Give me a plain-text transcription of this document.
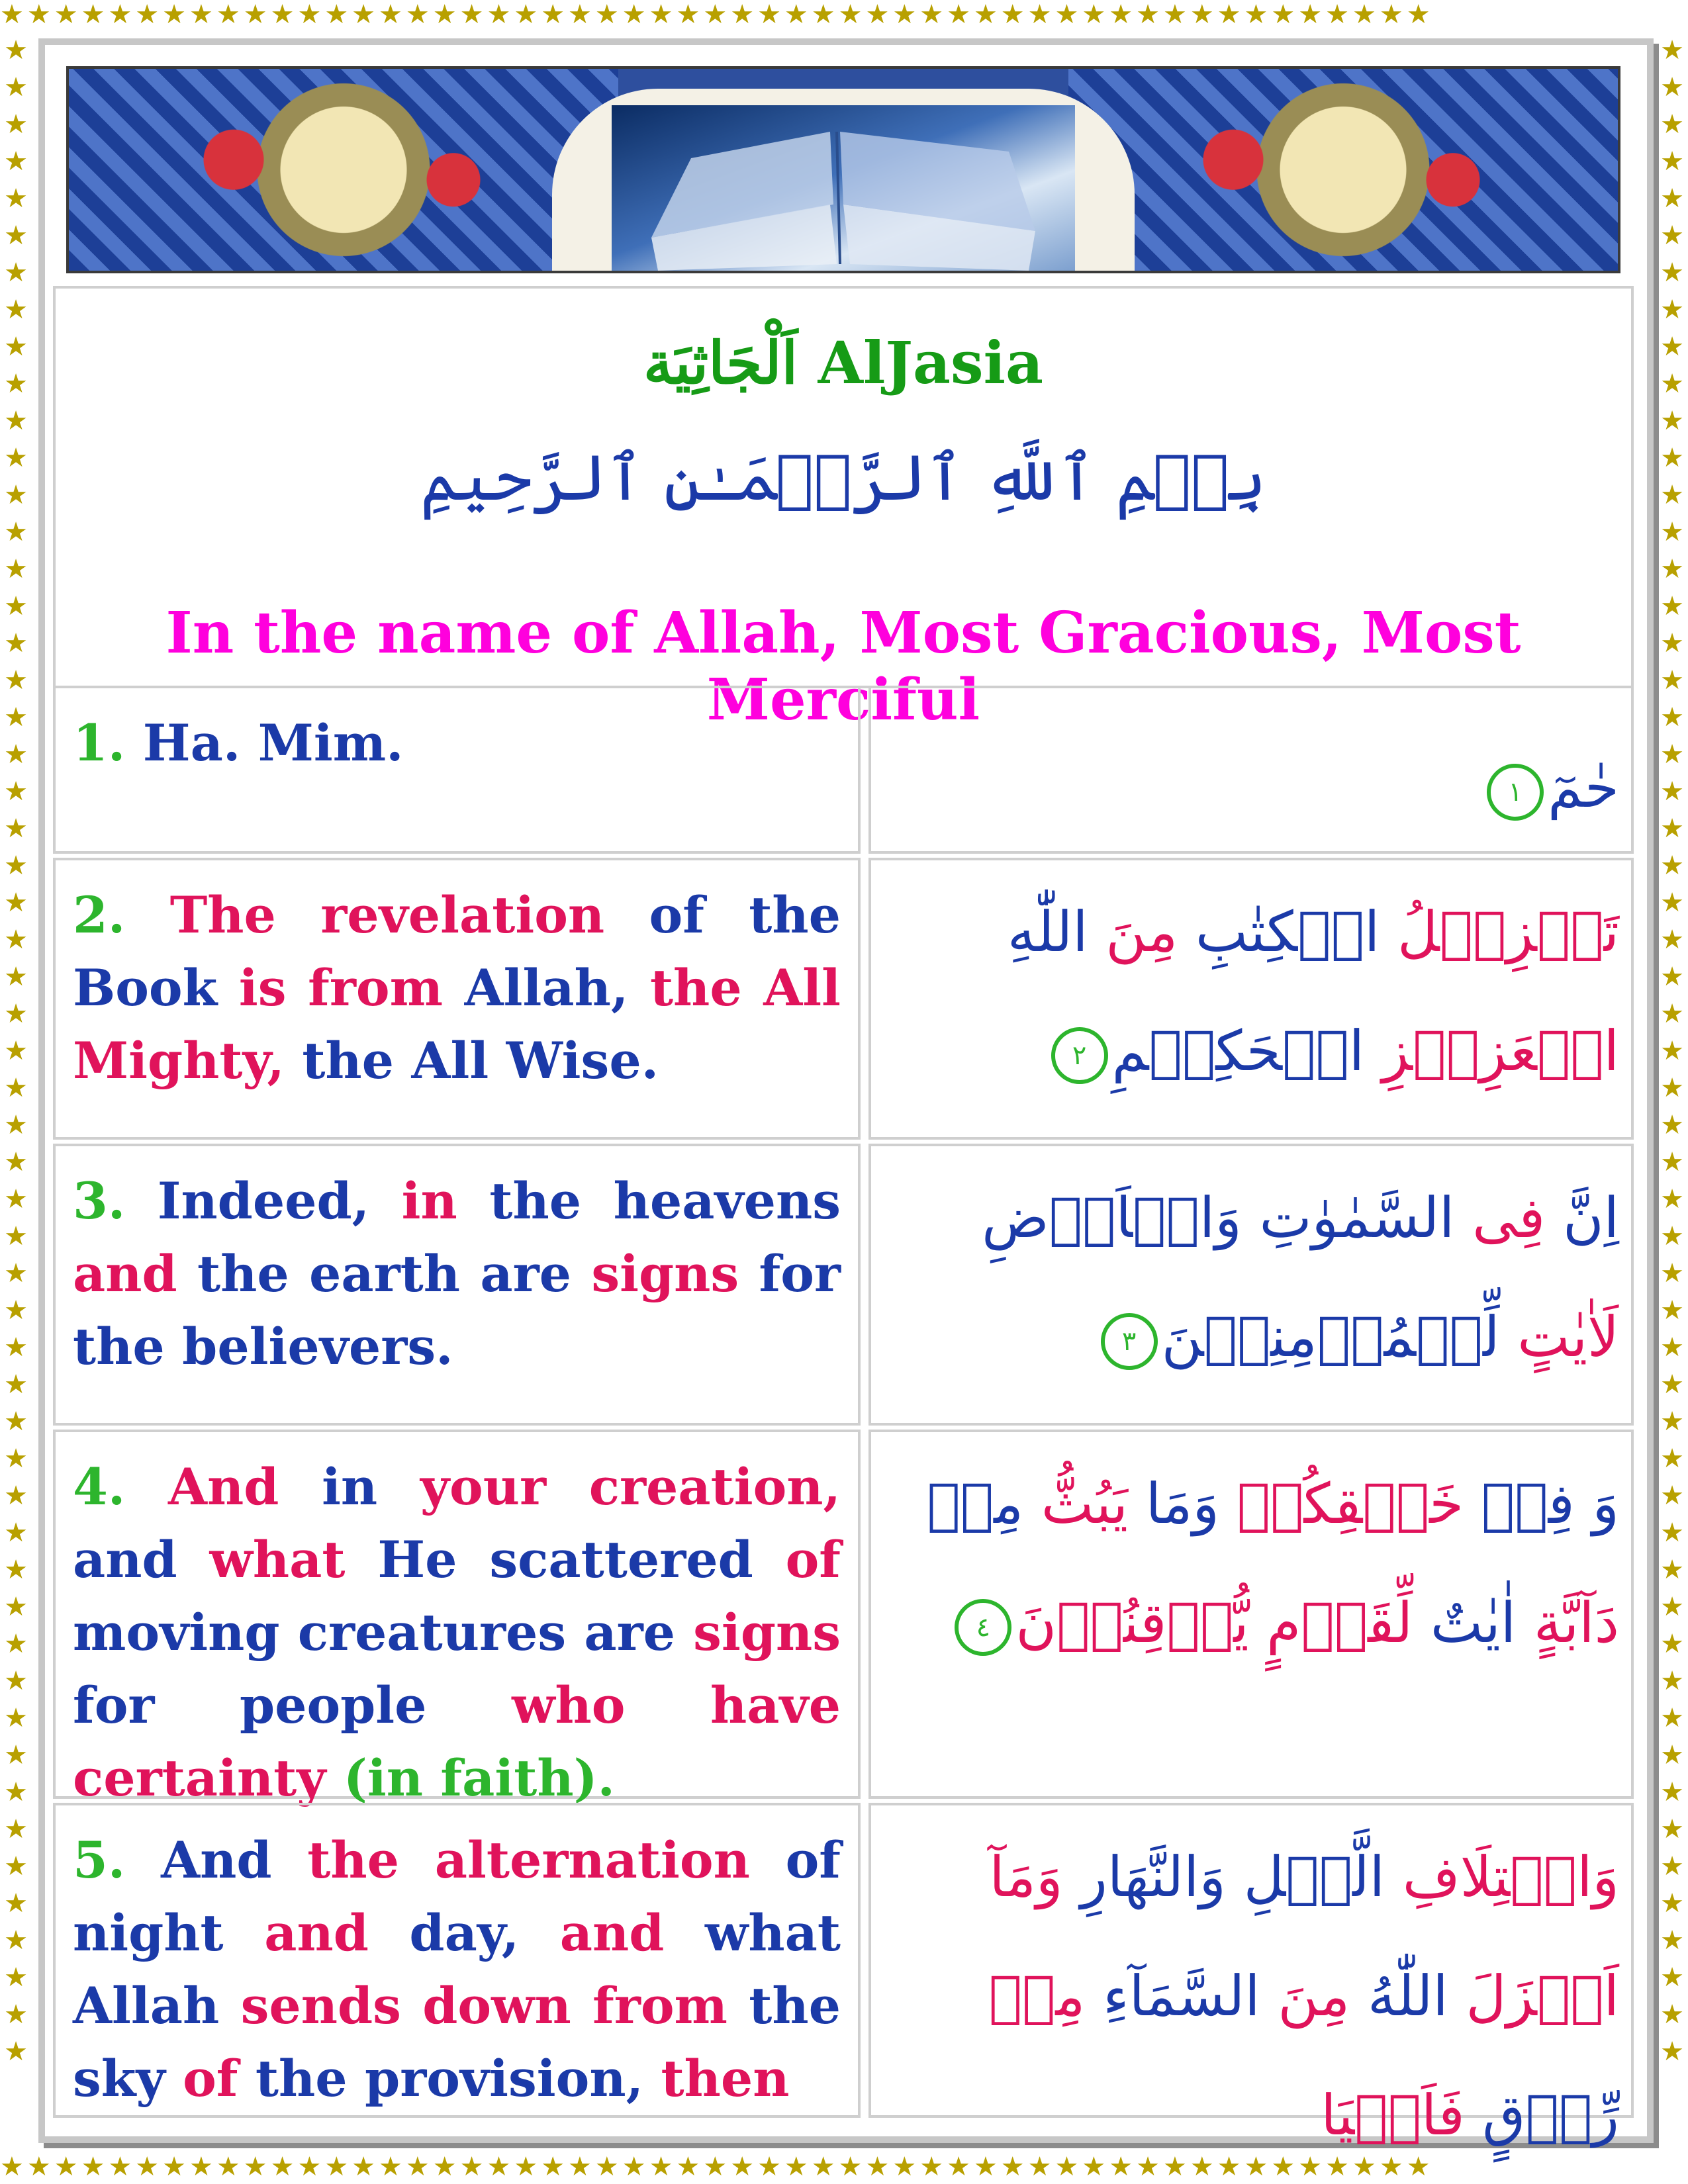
★★★★★★★★★★★★★★★★★★★★★★★★★★★★★★★★★★★★★★★★★★★★★★★★★★★★★
★★★★★★★★★★★★★★★★★★★★★★★★★★★★★★★★★★★★★★★★★★★★★★★★★★★★★
★★★★★★★★★★★★★★★★★★★★★★★★★★★★★★★★★★★★★★★★★★★★★★★★★★★★★★★
★★★★★★★★★★★★★★★★★★★★★★★★★★★★★★★★★★★★★★★★★★★★★★★★★★★★★★★
اَلْجَاثِيَة AlJasia
بِسۡمِ ٱللَّهِ ٱلرَّحۡمَـٰنِ ٱلرَّحِيمِ
In the name of Allah, Most Gracious, Most Merciful
1. Ha. Mim.
حٰمٓ١
2. The revelation of the Book is from Allah, the All Mighty, the All Wise.
تَنۡزِيۡلُ الۡكِتٰبِ مِنَ اللّٰهِ الۡعَزِيۡزِ الۡحَكِيۡمِ٢
3. Indeed, in the heavens and the earth are signs for the believers.
اِنَّ فِى السَّمٰوٰتِ وَالۡاَرۡضِ لَاٰيٰتٍ لِّلۡمُؤۡمِنِيۡنَ٣
4. And in your creation, and what He scattered of moving creatures are signs for people who have certainty (in faith).
وَ فِىۡ خَلۡقِكُمۡ وَمَا يَبُثُّ مِنۡ دَآبَّةٍ اٰيٰتٌ لِّقَوۡمٍ يُّوۡقِنُوۡنَ٤
5. And the alternation of night and day, and what Allah sends down from the sky of the provision, then
وَاخۡتِلَافِ الَّيۡلِ وَالنَّهَارِ وَمَآ اَنۡزَلَ اللّٰهُ مِنَ السَّمَآءِ مِنۡ رِّزۡقٍ فَاَحۡيَا
